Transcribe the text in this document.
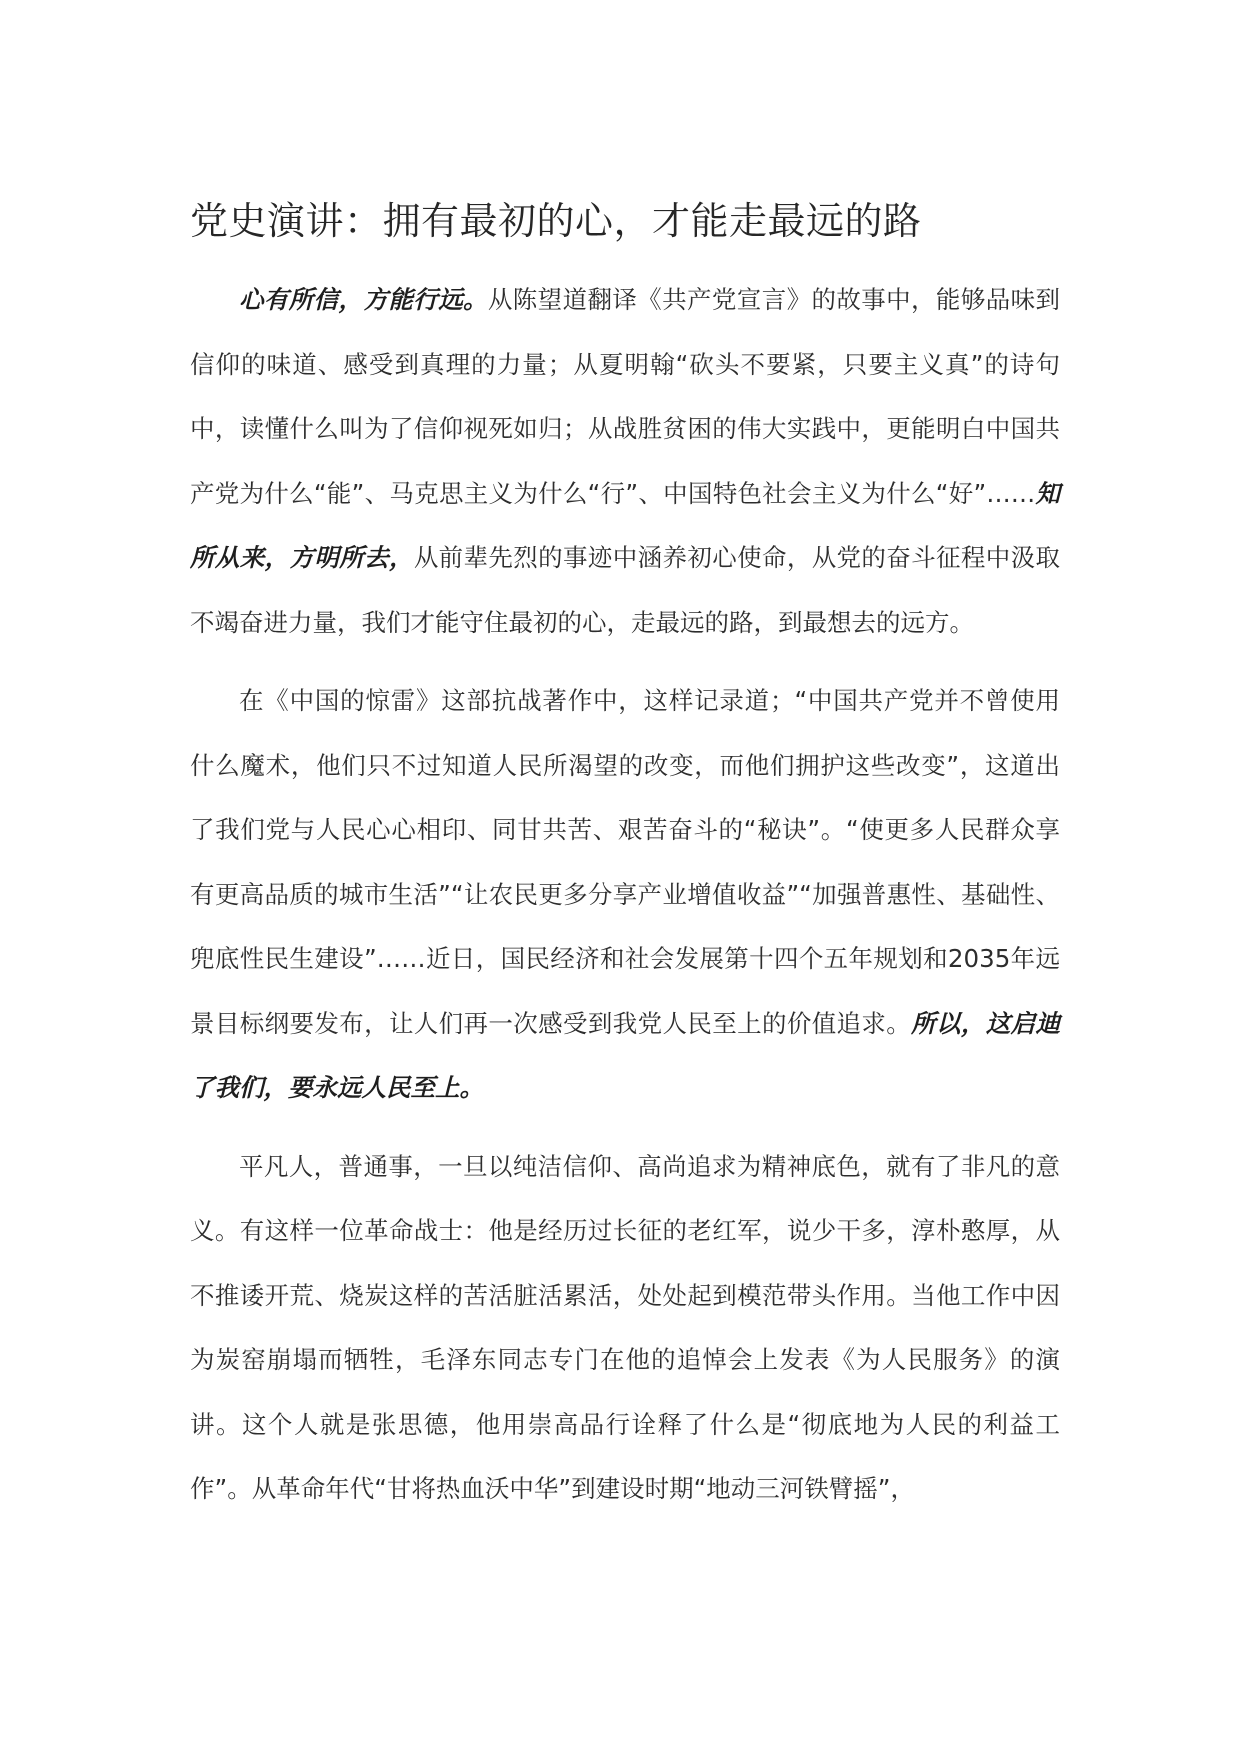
党史演讲：拥有最初的心，才能走最远的路

心有所信，方能行远。从陈望道翻译《共产党宣言》的故事中，能够品味到信仰的味道、感受到真理的力量；从夏明翰“砍头不要紧，只要主义真”的诗句中，读懂什么叫为了信仰视死如归；从战胜贫困的伟大实践中，更能明白中国共产党为什么“能”、马克思主义为什么“行”、中国特色社会主义为什么“好”……知所从来，方明所去，从前辈先烈的事迹中涵养初心使命，从党的奋斗征程中汲取不竭奋进力量，我们才能守住最初的心，走最远的路，到最想去的远方。

在《中国的惊雷》这部抗战著作中，这样记录道；“中国共产党并不曾使用什么魔术，他们只不过知道人民所渴望的改变，而他们拥护这些改变”，这道出了我们党与人民心心相印、同甘共苦、艰苦奋斗的“秘诀”。“使更多人民群众享有更高品质的城市生活”“让农民更多分享产业增值收益”“加强普惠性、基础性、兜底性民生建设”……近日，国民经济和社会发展第十四个五年规划和2035年远景目标纲要发布，让人们再一次感受到我党人民至上的价值追求。所以，这启迪了我们，要永远人民至上。

平凡人，普通事，一旦以纯洁信仰、高尚追求为精神底色，就有了非凡的意义。有这样一位革命战士：他是经历过长征的老红军，说少干多，淳朴憨厚，从不推诿开荒、烧炭这样的苦活脏活累活，处处起到模范带头作用。当他工作中因为炭窑崩塌而牺牲，毛泽东同志专门在他的追悼会上发表《为人民服务》的演讲。这个人就是张思德，他用崇高品行诠释了什么是“彻底地为人民的利益工作”。从革命年代“甘将热血沃中华”到建设时期“地动三河铁臂摇”，
